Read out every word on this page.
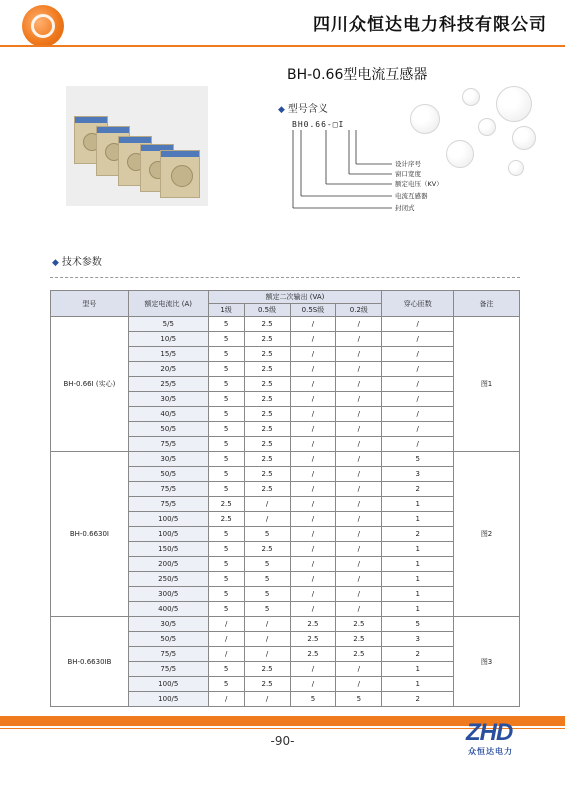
四川众恒达电力科技有限公司
BH-0.66型电流互感器
◆ 型号含义
BH0.66-□I
设计序号
窗口宽度
额定电压（KV）
电流互感器
封闭式
◆ 技术参数
型号	额定电流比 (A)	额定二次输出 (VA)				穿心匝数	备注
		1级	0.5级	0.5S级	0.2级		
BH-0.66I (实心)	5/5	5	2.5	/	/	/	图1
	10/5	5	2.5	/	/	/	
	15/5	5	2.5	/	/	/	
	20/5	5	2.5	/	/	/	
	25/5	5	2.5	/	/	/	
	30/5	5	2.5	/	/	/	
	40/5	5	2.5	/	/	/	
	50/5	5	2.5	/	/	/	
	75/5	5	2.5	/	/	/	
BH-0.6630I	30/5	5	2.5	/	/	5	图2
	50/5	5	2.5	/	/	3	
	75/5	5	2.5	/	/	2	
	75/5	2.5	/	/	/	1	
	100/5	2.5	/	/	/	1	
	100/5	5	5	/	/	2	
	150/5	5	2.5	/	/	1	
	200/5	5	5	/	/	1	
	250/5	5	5	/	/	1	
	300/5	5	5	/	/	1	
	400/5	5	5	/	/	1	
BH-0.6630IB	30/5	/	/	2.5	2.5	5	图3
	50/5	/	/	2.5	2.5	3	
	75/5	/	/	2.5	2.5	2	
	75/5	5	2.5	/	/	1	
	100/5	5	2.5	/	/	1	
	100/5	/	/	5	5	2	
-90-	ZHD
众恒达电力
